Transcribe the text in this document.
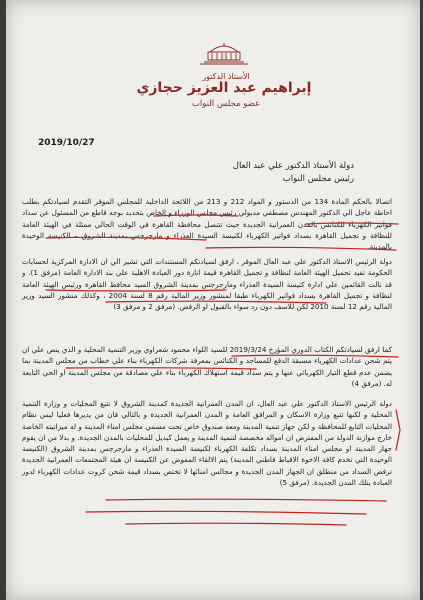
الأستاذ الدكتور
إبراهيم عبد العزيز حجازي
عضو مجلس النواب
2019/10/27
دولة الأستاذ الدكتور علي عبد العال
رئيس مجلس النواب

اتصالا بالحكم المادة 134 من الدستور و المواد 212 و 213 من اللائحة الداخلية للمجلس الموقر التقدم لسيادتكم بطلب احاطة عاجل الي الدكتور المهندس مصطفي مدبولي رئيس مجلس الوزراء و الخاص بتحديد بوجه قاطع من المسئول عن سداد فواتير الكهرباء للكنائس بالمدن العمرانية الجديدة حيث تتنصل محافظة القاهرة في الوقت الحالي ممثلة في الهيئة العامة للنظافة و تجميل القاهرة بسداد فواتير الكهرباء لكنيسة السيدة العذراء و مارجرجس بمدينة الشروق – الكنيسة الوحيدة بالمدينة.

دولة الرئيس الاستاذ الدكتور علي عبد العال الموقر ، ارفق لسيادتكم المستندات التي تشير الي ان الادارة المركزية لحسابات الحكومة تفيد تحميل الهيئة العامة لنظافة و تجميل القاهرة قيمة انارة دور العبادة الاهلية علي بند الادارة العامة (مرفق 1). و قد نالت القائمين علي ادارة كنيسة السيدة العذراء ومارجرجس بمدينة الشروق السيد محافظ القاهرة ورئيس الهيئة العامة لنظافة و تجميل القاهرة بسداد فواتير الكهرباء طبقا لمنشور وزير المالية رقم 8 لسنة 2004 ، وكذلك منشور السيد وزير المالية رقم 12 لسنة 2010 لكن للاسف دون رد سواء بالقبول او الرفض. (مرفق 2 و مرفق 3)

كما ارفق لسيادتكم الكتاب الدوري المؤرخ 2019/3/24 للسيد اللواء محمود شعراوي وزير التنمية المحلية و الذي ينص علي ان يتم شحن عدادات الكهرباء مسبقة الدفع للمساجد و الكنائس بمعرفة شركات الكهرباء بناء علي خطاب من مجلس المدينة بما يضمن عدم قطع التيار الكهربائي عنها و يتم سداد قيمة استهلاك الكهرباء بناء علي مصادقة من مجلس المدينة او الحي التابعة له. (مرفق 4)

دولة الرئيس الاستاذ الدكتور علي عبد العال، ان المدن العمرانية الجديدة كمدينة الشروق لا تتبع المحليات و وزارة التنمية المحلية و لكنها تتبع وزارة الاسكان و المرافق العامة و المدن العمرانية الجديدة و بالتالي فان من يديرها فعليا ليس نظام المحليات التابع للمحافظة و لكن جهاز تنمية المدينة ومعه صندوق خاص تحت مسمي مجلس امناء المدينة و له ميزانيته الخاصة خارج موازنة الدولة من المفترض ان امواله مخصصة لتنمية المدينة و يعمل كبديل للمحليات بالمدن الجديدة. و بدلا من ان يقوم جهاز المدينة او مجلس امناء المدينة بسداد تكلفة الكهرباء لكنيسة السيدة العذراء و مارجرجس بمدينة الشروق (الكنيسة الوحيدة التي تخدم كافة الاخوة الاقباط قاطني المدينة) يتم الالقاء المفوض عن الكنيسة ان هيئة المجتمعات العمرانية الجديدة ترفض السداد من منطلق ان الجهاز المدن الجديدة و مجالس امنائها لا تختص بسداد قيمة شحن كروت عدادات الكهرباء لدور العبادة بتلك المدن الجديدة. (مرفق 5)
